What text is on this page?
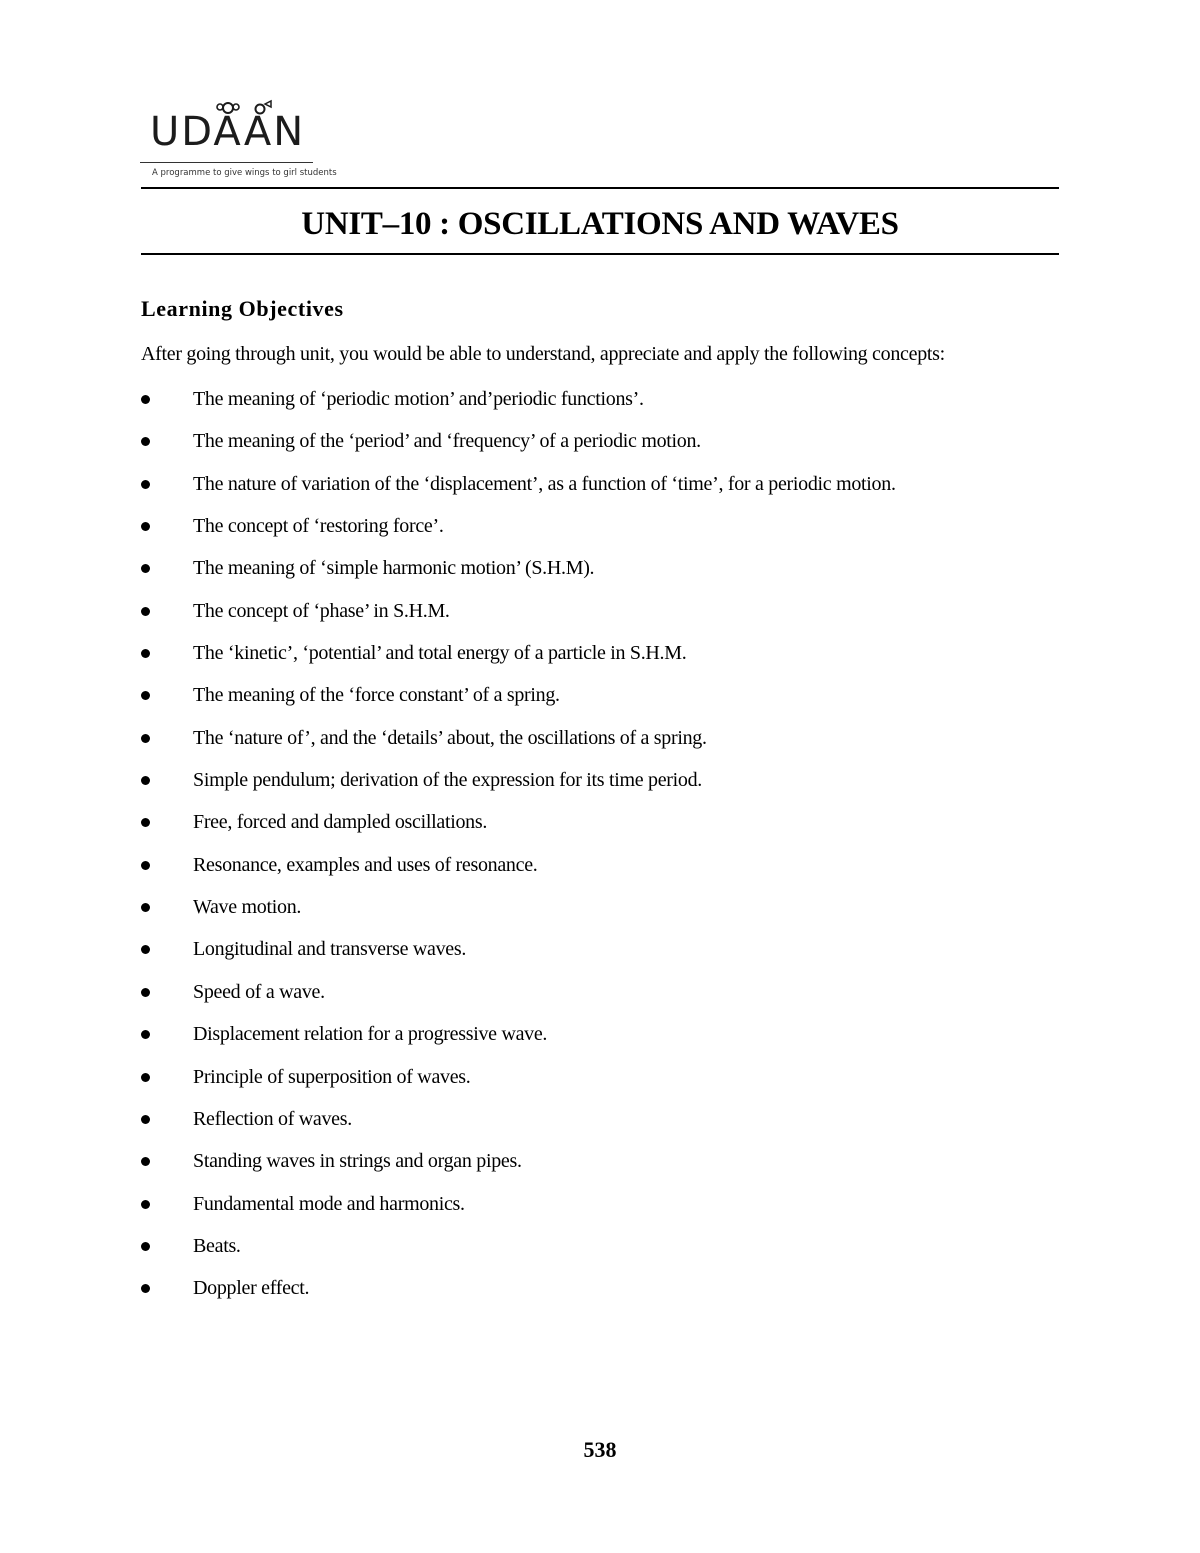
UDAAN
A programme to give wings to girl students
UNIT–10 : OSCILLATIONS AND WAVES
Learning Objectives
After going through unit, you would be able to understand, appreciate and apply the following concepts:
The meaning of ‘periodic motion’ and’periodic functions’.
The meaning of the ‘period’ and ‘frequency’ of a periodic motion.
The nature of variation of the ‘displacement’, as a function of ‘time’, for a periodic motion.
The concept of ‘restoring force’.
The meaning of ‘simple harmonic motion’ (S.H.M).
The concept of ‘phase’ in S.H.M.
The ‘kinetic’, ‘potential’ and total energy of a particle in S.H.M.
The meaning of the ‘force constant’ of a spring.
The ‘nature of’, and the ‘details’ about, the oscillations of a spring.
Simple pendulum; derivation of the expression for its time period.
Free, forced and dampled oscillations.
Resonance, examples and uses of resonance.
Wave motion.
Longitudinal and transverse waves.
Speed of a wave.
Displacement relation for a progressive wave.
Principle of superposition of waves.
Reflection of waves.
Standing waves in strings and organ pipes.
Fundamental mode and harmonics.
Beats.
Doppler effect.
538
